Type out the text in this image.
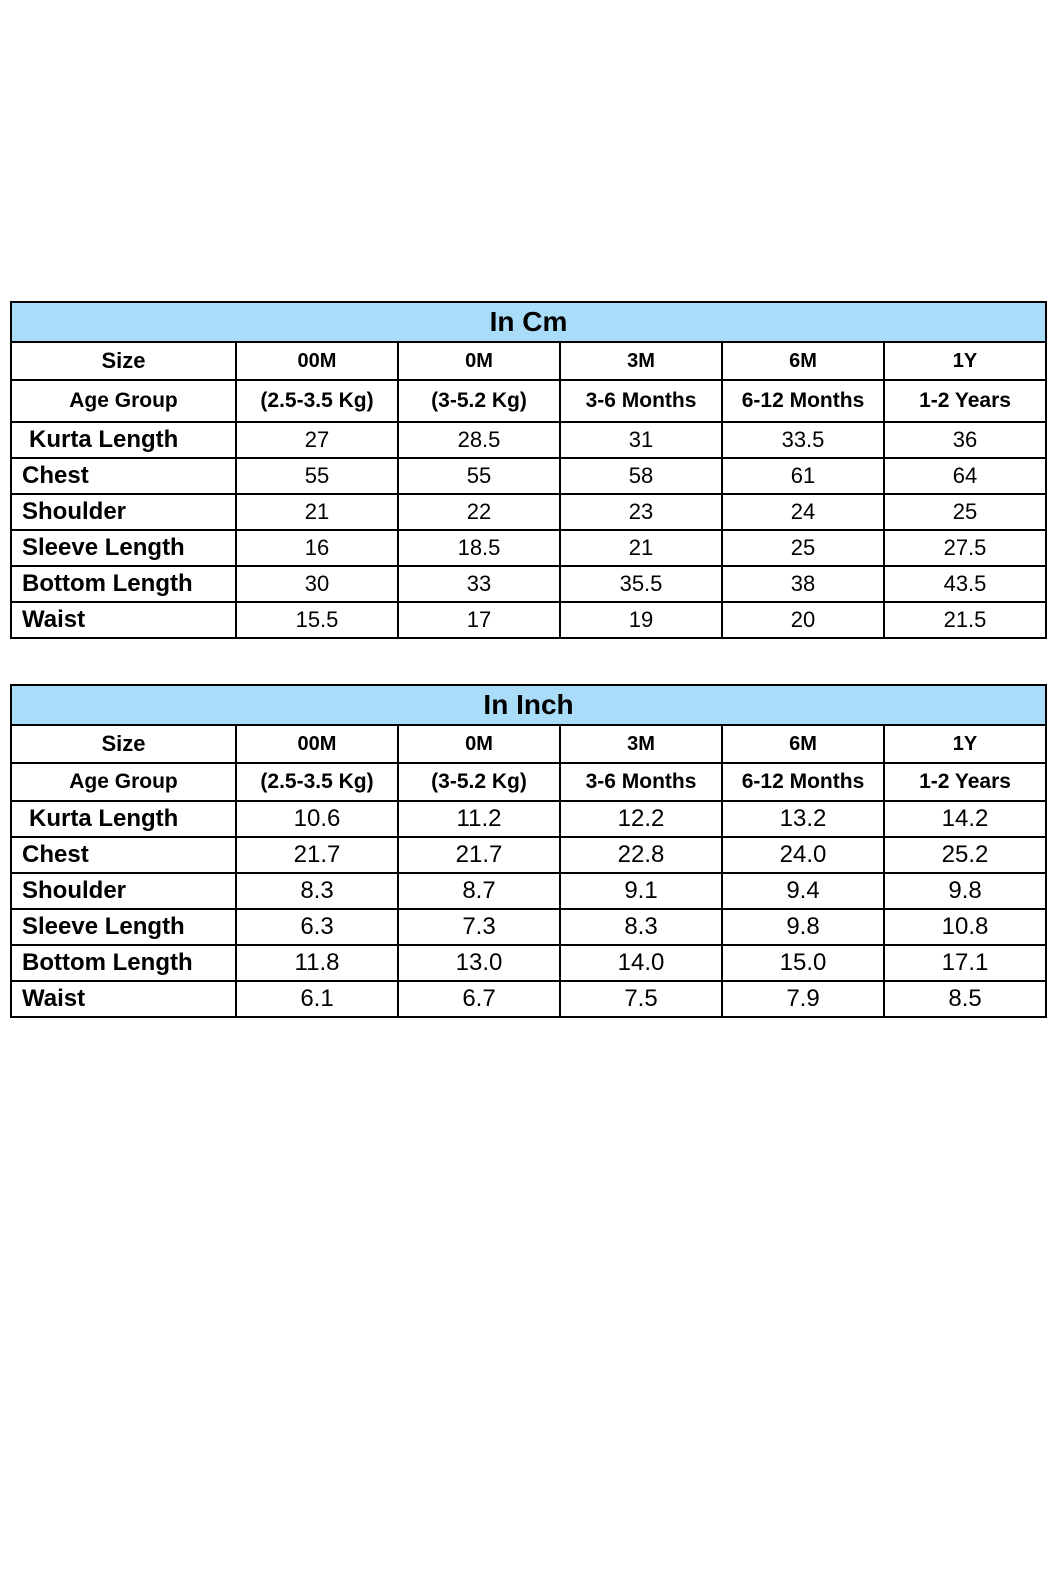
In Cm					
Size	00M	0M	3M	6M	1Y
Age Group	(2.5-3.5 Kg)	(3-5.2 Kg)	3-6 Months	6-12 Months	1-2 Years
Kurta Length	27	28.5	31	33.5	36
Chest	55	55	58	61	64
Shoulder	21	22	23	24	25
Sleeve Length	16	18.5	21	25	27.5
Bottom Length	30	33	35.5	38	43.5
Waist	15.5	17	19	20	21.5
In Inch					
Size	00M	0M	3M	6M	1Y
Age Group	(2.5-3.5 Kg)	(3-5.2 Kg)	3-6 Months	6-12 Months	1-2 Years
Kurta Length	10.6	11.2	12.2	13.2	14.2
Chest	21.7	21.7	22.8	24.0	25.2
Shoulder	8.3	8.7	9.1	9.4	9.8
Sleeve Length	6.3	7.3	8.3	9.8	10.8
Bottom Length	11.8	13.0	14.0	15.0	17.1
Waist	6.1	6.7	7.5	7.9	8.5
